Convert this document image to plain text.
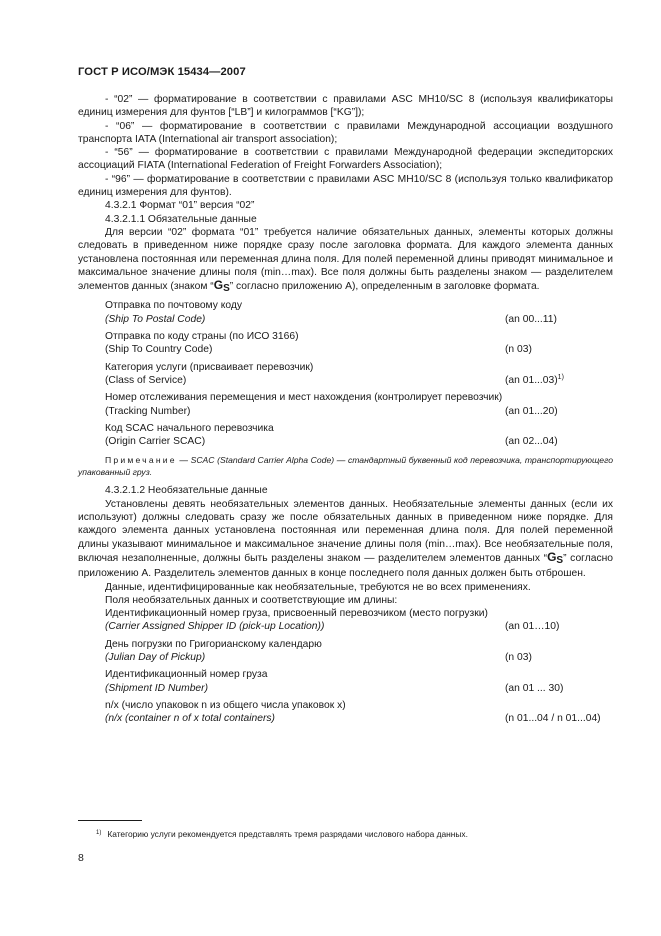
ГОСТ Р ИСО/МЭК 15434—2007

- “02” — форматирование в соответствии с правилами ASC MH10/SC 8 (используя квалификаторы единиц измерения для фунтов [“LB”] и килограммов [“KG”]);

- “06” — форматирование в соответствии с правилами Международной ассоциации воздушного транспорта IATA (International air transport association);

- “56” — форматирование в соответствии с правилами Международной федерации экспедиторских ассоциаций FIATA (International Federation of Freight Forwarders Association);

- “96” — форматирование в соответствии с правилами ASC MH10/SC 8 (используя только квалификатор единиц измерения для фунтов).

4.3.2.1 Формат “01” версия “02”

4.3.2.1.1 Обязательные данные

Для версии “02” формата “01” требуется наличие обязательных данных, элементы которых должны следовать в приведенном ниже порядке сразу после заголовка формата. Для каждого элемента данных установлена постоянная или переменная длина поля. Для полей переменной длины приводят минимальное и максимальное значение длины поля (min…max). Все поля должны быть разделены знаком — разделителем элементов данных (знаком “$G_S$” согласно приложению А), определенным в заголовке формата.

Отправка по почтовому коду
(Ship To Postal Code)	(an 00...11)
Отправка по коду страны (по ИСО 3166)
(Ship To Country Code)	(n 03)
Категория услуги (присваивает перевозчик)
(Class of Service)	(an 01...03)$^{1)}$
Номер отслеживания перемещения и мест нахождения (контролирует перевозчик)
(Tracking Number)	(an 01...20)
Код SCAC начального перевозчика
(Origin Carrier SCAC)	(an 02...04)

Примечание — SCAC (Standard Carrier Alpha Code) — стандартный буквенный код перевозчика, транспортирующего упакованный груз.

4.3.2.1.2 Необязательные данные

Установлены девять необязательных элементов данных. Необязательные элементы данных (если их используют) должны следовать сразу же после обязательных данных в приведенном ниже порядке. Для каждого элемента данных установлена постоянная или переменная длина поля. Для полей переменной длины указывают минимальное и максимальное значение длины поля (min…max). Все необязательные поля, включая незаполненные, должны быть разделены знаком — разделителем элементов данных “$G_S$” согласно приложению А. Разделитель элементов данных в конце последнего поля данных должен быть отброшен.

Данные, идентифицированные как необязательные, требуются не во всех применениях.

Поля необязательных данных и соответствующие им длины:

Идентификационный номер груза, присвоенный перевозчиком (место погрузки)
(Carrier Assigned Shipper ID (pick-up Location))	(an 01…10)
День погрузки по Григорианскому календарю
(Julian Day of Pickup)	(n 03)
Идентификационный номер груза
(Shipment ID Number)	(an 01 ... 30)
n/x (число упаковок n из общего числа упаковок x)
(n/x (container n of x total containers)	(n 01...04 / n 01...04)
$^{1)}$ Категорию услуги рекомендуется представлять тремя разрядами числового набора данных.
8
